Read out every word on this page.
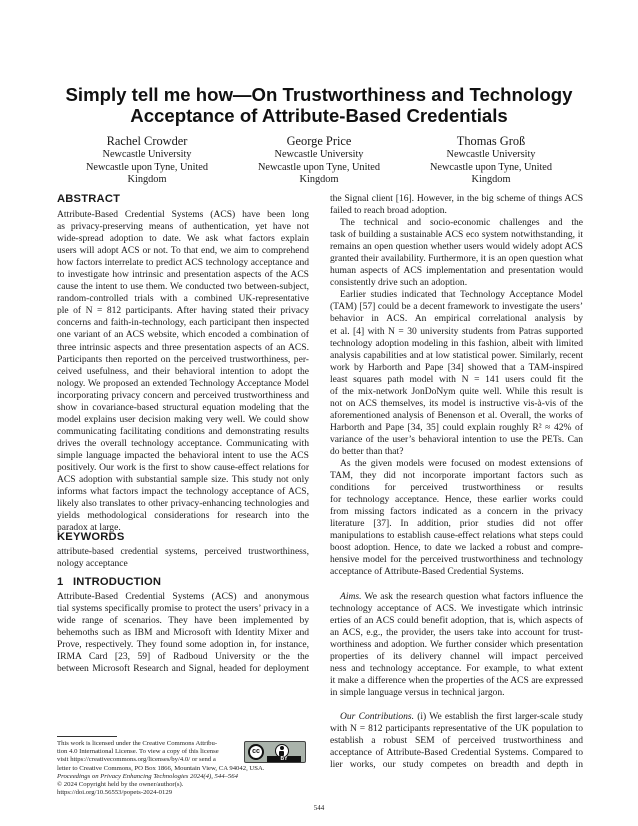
Simply tell me how—On Trustworthiness and Technology
Acceptance of Attribute-Based Credentials
Rachel Crowder
Newcastle University
Newcastle upon Tyne, United
Kingdom
George Price
Newcastle University
Newcastle upon Tyne, United
Kingdom
Thomas Groß
Newcastle University
Newcastle upon Tyne, United
Kingdom
ABSTRACT
Attribute-Based Credential Systems (ACS) have been long
as privacy-preserving means of authentication, yet have not
wide-spread adoption to date. We ask what factors explain
users will adopt ACS or not. To that end, we aim to comprehend
how factors interrelate to predict ACS technology acceptance and
to investigate how intrinsic and presentation aspects of the ACS
cause the intent to use them. We conducted two between-subject,
random-controlled trials with a combined UK-representative
ple of N = 812 participants. After having stated their privacy
concerns and faith-in-technology, each participant then inspected
one variant of an ACS website, which encoded a combination of
three intrinsic aspects and three presentation aspects of an ACS.
Participants then reported on the perceived trustworthiness, per-
ceived usefulness, and their behavioral intention to adopt the
nology. We proposed an extended Technology Acceptance Model
incorporating privacy concern and perceived trustworthiness and
show in covariance-based structural equation modeling that the
model explains user decision making very well. We could show
communicating facilitating conditions and demonstrating results
drives the overall technology acceptance. Communicating with
simple language impacted the behavioral intent to use the ACS
positively. Our work is the first to show cause-effect relations for
ACS adoption with substantial sample size. This study not only
informs what factors impact the technology acceptance of ACS,
likely also translates to other privacy-enhancing technologies and
yields methodological considerations for research into the
paradox at large.
KEYWORDS
attribute-based credential systems, perceived trustworthiness,
nology acceptance
1 INTRODUCTION
Attribute-Based Credential Systems (ACS) and anonymous
tial systems specifically promise to protect the users’ privacy in a
wide range of scenarios. They have been implemented by
behemoths such as IBM and Microsoft with Identity Mixer and
Prove, respectively. They found some adoption in, for instance,
IRMA Card [23, 59] of Radboud University or the the
between Microsoft Research and Signal, headed for deployment
This work is licensed under the Creative Commons Attribu-
tion 4.0 International License. To view a copy of this license
visit https://creativecommons.org/licenses/by/4.0/ or send a
letter to Creative Commons, PO Box 1866, Mountain View, CA 94042, USA.
Proceedings on Privacy Enhancing Technologies 2024(4), 544–564
© 2024 Copyright held by the owner/author(s).
https://doi.org/10.56553/popets-2024-0129
cc
BY
the Signal client [16]. However, in the big scheme of things ACS
failed to reach broad adoption.
The technical and socio-economic challenges and the
task of building a sustainable ACS eco system notwithstanding, it
remains an open question whether users would widely adopt ACS
granted their availability. Furthermore, it is an open question what
human aspects of ACS implementation and presentation would
consistently drive such an adoption.
Earlier studies indicated that Technology Acceptance Model
(TAM) [57] could be a decent framework to investigate the users’
behavior in ACS. An empirical correlational analysis by
et al. [4] with N = 30 university students from Patras supported
technology adoption modeling in this fashion, albeit with limited
analysis capabilities and at low statistical power. Similarly, recent
work by Harborth and Pape [34] showed that a TAM-inspired
least squares path model with N = 141 users could fit the
of the mix-network JonDoNym quite well. While this result is
not on ACS themselves, its model is instructive vis-à-vis of the
aforementioned analysis of Benenson et al. Overall, the works of
Harborth and Pape [34, 35] could explain roughly R² ≈ 42% of
variance of the user’s behavioral intention to use the PETs. Can
do better than that?
As the given models were focused on modest extensions of
TAM, they did not incorporate important factors such as
conditions for perceived trustworthiness or results
for technology acceptance. Hence, these earlier works could
from missing factors indicated as a concern in the privacy
literature [37]. In addition, prior studies did not offer
manipulations to establish cause-effect relations what steps could
boost adoption. Hence, to date we lacked a robust and compre-
hensive model for the perceived trustworthiness and technology
acceptance of Attribute-Based Credential Systems.
Aims. We ask the research question what factors influence the
technology acceptance of ACS. We investigate which intrinsic
erties of an ACS could benefit adoption, that is, which aspects of
an ACS, e.g., the provider, the users take into account for trust-
worthiness and adoption. We further consider which presentation
properties of its delivery channel will impact perceived
ness and technology acceptance. For example, to what extent
it make a difference when the properties of the ACS are expressed
in simple language versus in technical jargon.
Our Contributions. (i) We establish the first larger-scale study
with N = 812 participants representative of the UK population to
establish a robust SEM of perceived trustworthiness and
acceptance of Attribute-Based Credential Systems. Compared to
lier works, our study competes on breadth and depth in
544
